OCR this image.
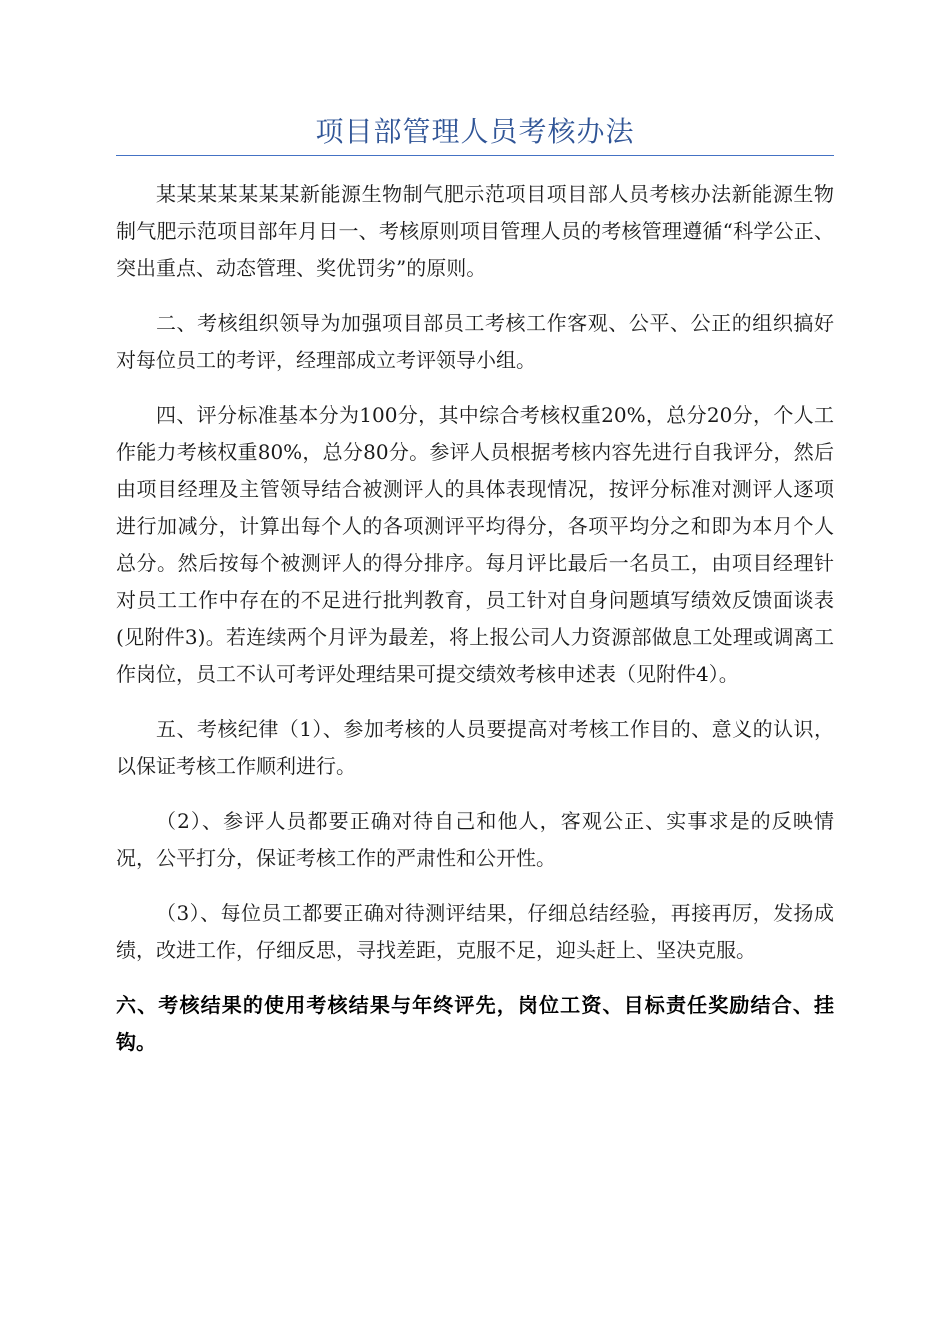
项目部管理人员考核办法

某某某某某某某新能源生物制气肥示范项目项目部人员考核办法新能源生物制气肥示范项目部年月日一、考核原则项目管理人员的考核管理遵循“科学公正、突出重点、动态管理、奖优罚劣”的原则。

二、考核组织领导为加强项目部员工考核工作客观、公平、公正的组织搞好对每位员工的考评，经理部成立考评领导小组。

四、评分标准基本分为100分，其中综合考核权重20%，总分20分，个人工作能力考核权重80%，总分80分。参评人员根据考核内容先进行自我评分，然后由项目经理及主管领导结合被测评人的具体表现情况，按评分标准对测评人逐项进行加减分，计算出每个人的各项测评平均得分，各项平均分之和即为本月个人总分。然后按每个被测评人的得分排序。每月评比最后一名员工，由项目经理针对员工工作中存在的不足进行批判教育，员工针对自身问题填写绩效反馈面谈表(见附件3)。若连续两个月评为最差，将上报公司人力资源部做息工处理或调离工作岗位，员工不认可考评处理结果可提交绩效考核申述表（见附件4）。

五、考核纪律（1）、参加考核的人员要提高对考核工作目的、意义的认识，以保证考核工作顺利进行。

（2）、参评人员都要正确对待自己和他人，客观公正、实事求是的反映情况，公平打分，保证考核工作的严肃性和公开性。

（3）、每位员工都要正确对待测评结果，仔细总结经验，再接再厉，发扬成绩，改进工作，仔细反思，寻找差距，克服不足，迎头赶上、坚决克服。

六、考核结果的使用考核结果与年终评先，岗位工资、目标责任奖励结合、挂钩。
